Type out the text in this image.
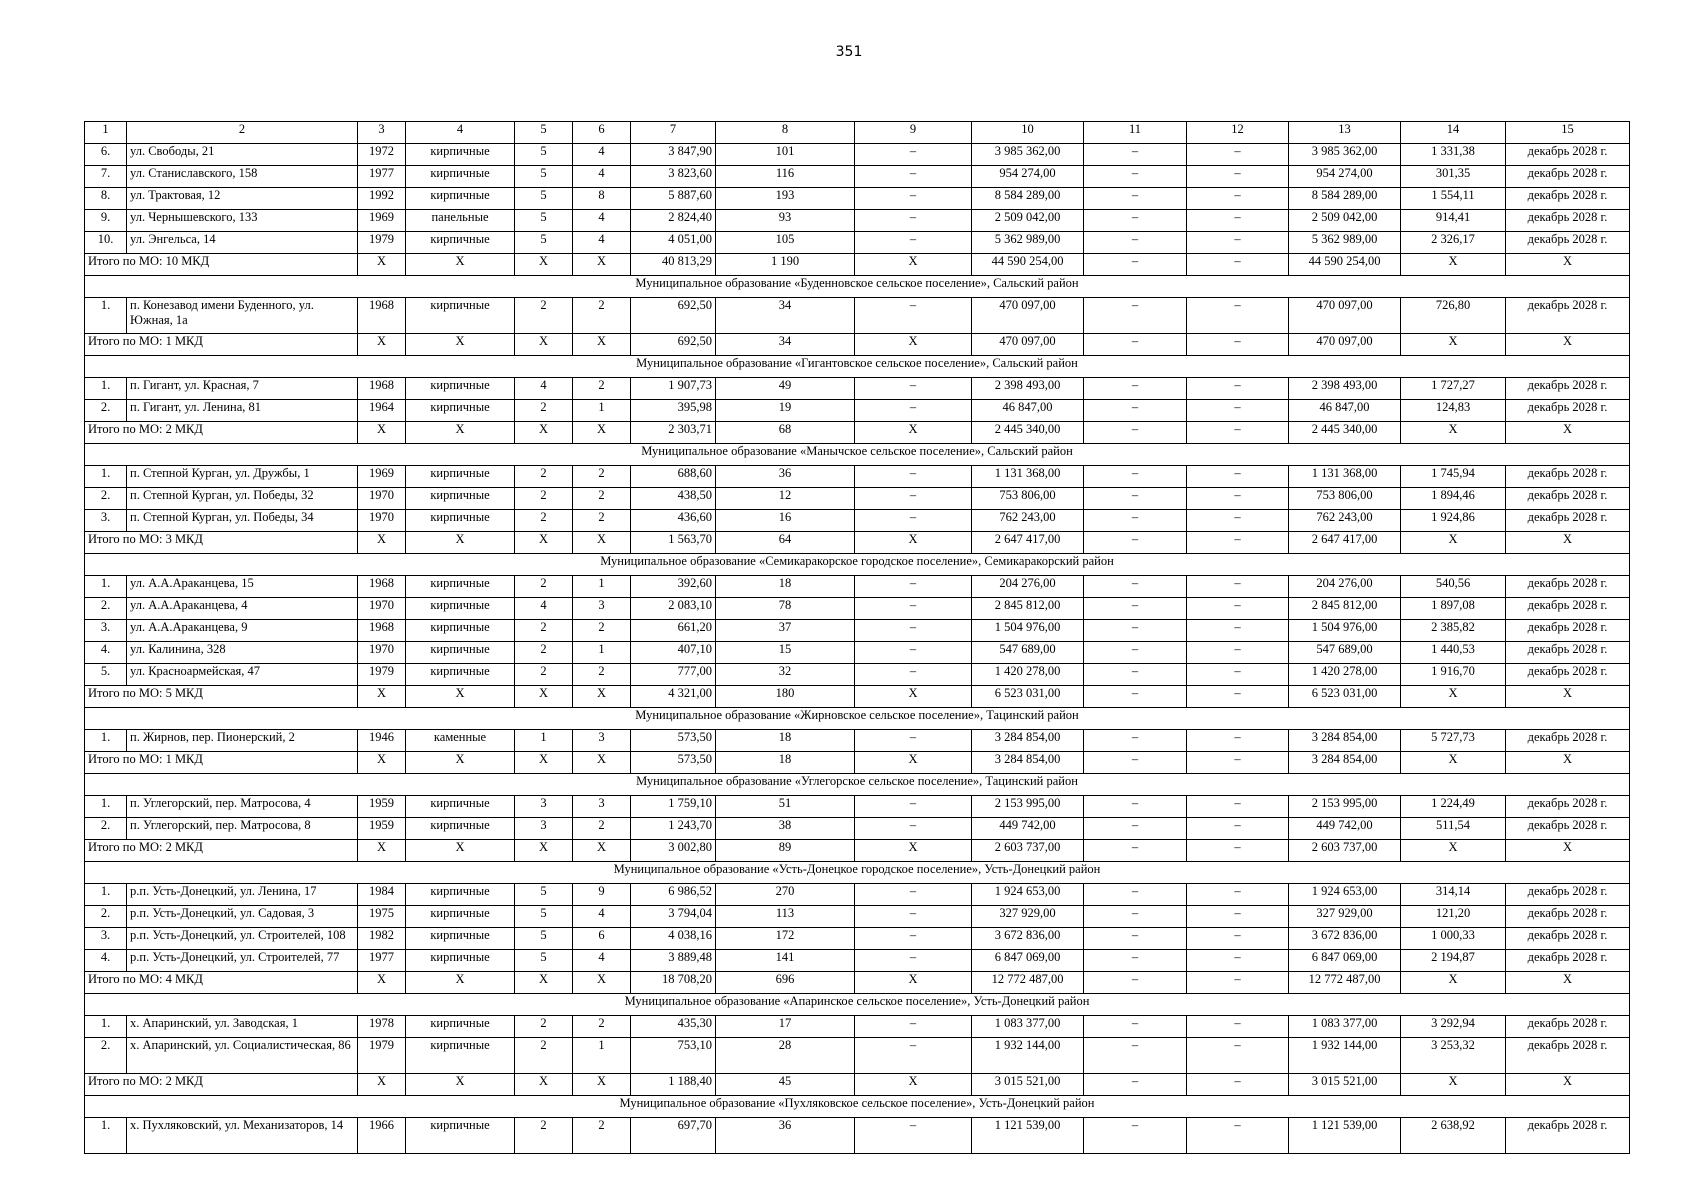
351
1	2	3	4	5	6	7	8	9	10	11	12	13	14	15
6.	ул. Свободы, 21	1972	кирпичные	5	4	3 847,90	101	–	3 985 362,00	–	–	3 985 362,00	1 331,38	декабрь 2028 г.
7.	ул. Станиславского, 158	1977	кирпичные	5	4	3 823,60	116	–	954 274,00	–	–	954 274,00	301,35	декабрь 2028 г.
8.	ул. Трактовая, 12	1992	кирпичные	5	8	5 887,60	193	–	8 584 289,00	–	–	8 584 289,00	1 554,11	декабрь 2028 г.
9.	ул. Чернышевского, 133	1969	панельные	5	4	2 824,40	93	–	2 509 042,00	–	–	2 509 042,00	914,41	декабрь 2028 г.
10.	ул. Энгельса, 14	1979	кирпичные	5	4	4 051,00	105	–	5 362 989,00	–	–	5 362 989,00	2 326,17	декабрь 2028 г.
Итого по МО: 10 МКД		Х	Х	Х	Х	40 813,29	1 190	Х	44 590 254,00	–	–	44 590 254,00	Х	Х
Муниципальное образование «Буденновское сельское поселение», Сальский район														
1.	п. Конезавод имени Буденного, ул. Южная, 1а	1968	кирпичные	2	2	692,50	34	–	470 097,00	–	–	470 097,00	726,80	декабрь 2028 г.
Итого по МО: 1 МКД		Х	Х	Х	Х	692,50	34	Х	470 097,00	–	–	470 097,00	Х	Х
Муниципальное образование «Гигантовское сельское поселение», Сальский район														
1.	п. Гигант, ул. Красная, 7	1968	кирпичные	4	2	1 907,73	49	–	2 398 493,00	–	–	2 398 493,00	1 727,27	декабрь 2028 г.
2.	п. Гигант, ул. Ленина, 81	1964	кирпичные	2	1	395,98	19	–	46 847,00	–	–	46 847,00	124,83	декабрь 2028 г.
Итого по МО: 2 МКД		Х	Х	Х	Х	2 303,71	68	Х	2 445 340,00	–	–	2 445 340,00	Х	Х
Муниципальное образование «Манычское сельское поселение», Сальский район														
1.	п. Степной Курган, ул. Дружбы, 1	1969	кирпичные	2	2	688,60	36	–	1 131 368,00	–	–	1 131 368,00	1 745,94	декабрь 2028 г.
2.	п. Степной Курган, ул. Победы, 32	1970	кирпичные	2	2	438,50	12	–	753 806,00	–	–	753 806,00	1 894,46	декабрь 2028 г.
3.	п. Степной Курган, ул. Победы, 34	1970	кирпичные	2	2	436,60	16	–	762 243,00	–	–	762 243,00	1 924,86	декабрь 2028 г.
Итого по МО: 3 МКД		Х	Х	Х	Х	1 563,70	64	Х	2 647 417,00	–	–	2 647 417,00	Х	Х
Муниципальное образование «Семикаракорское городское поселение», Семикаракорский район														
1.	ул. А.А.Араканцева, 15	1968	кирпичные	2	1	392,60	18	–	204 276,00	–	–	204 276,00	540,56	декабрь 2028 г.
2.	ул. А.А.Араканцева, 4	1970	кирпичные	4	3	2 083,10	78	–	2 845 812,00	–	–	2 845 812,00	1 897,08	декабрь 2028 г.
3.	ул. А.А.Араканцева, 9	1968	кирпичные	2	2	661,20	37	–	1 504 976,00	–	–	1 504 976,00	2 385,82	декабрь 2028 г.
4.	ул. Калинина, 328	1970	кирпичные	2	1	407,10	15	–	547 689,00	–	–	547 689,00	1 440,53	декабрь 2028 г.
5.	ул. Красноармейская, 47	1979	кирпичные	2	2	777,00	32	–	1 420 278,00	–	–	1 420 278,00	1 916,70	декабрь 2028 г.
Итого по МО: 5 МКД		Х	Х	Х	Х	4 321,00	180	Х	6 523 031,00	–	–	6 523 031,00	Х	Х
Муниципальное образование «Жирновское сельское поселение», Тацинский район														
1.	п. Жирнов, пер. Пионерский, 2	1946	каменные	1	3	573,50	18	–	3 284 854,00	–	–	3 284 854,00	5 727,73	декабрь 2028 г.
Итого по МО: 1 МКД		Х	Х	Х	Х	573,50	18	Х	3 284 854,00	–	–	3 284 854,00	Х	Х
Муниципальное образование «Углегорское сельское поселение», Тацинский район														
1.	п. Углегорский, пер. Матросова, 4	1959	кирпичные	3	3	1 759,10	51	–	2 153 995,00	–	–	2 153 995,00	1 224,49	декабрь 2028 г.
2.	п. Углегорский, пер. Матросова, 8	1959	кирпичные	3	2	1 243,70	38	–	449 742,00	–	–	449 742,00	511,54	декабрь 2028 г.
Итого по МО: 2 МКД		Х	Х	Х	Х	3 002,80	89	Х	2 603 737,00	–	–	2 603 737,00	Х	Х
Муниципальное образование «Усть-Донецкое городское поселение», Усть-Донецкий район														
1.	р.п. Усть-Донецкий, ул. Ленина, 17	1984	кирпичные	5	9	6 986,52	270	–	1 924 653,00	–	–	1 924 653,00	314,14	декабрь 2028 г.
2.	р.п. Усть-Донецкий, ул. Садовая, 3	1975	кирпичные	5	4	3 794,04	113	–	327 929,00	–	–	327 929,00	121,20	декабрь 2028 г.
3.	р.п. Усть-Донецкий, ул. Строителей, 108	1982	кирпичные	5	6	4 038,16	172	–	3 672 836,00	–	–	3 672 836,00	1 000,33	декабрь 2028 г.
4.	р.п. Усть-Донецкий, ул. Строителей, 77	1977	кирпичные	5	4	3 889,48	141	–	6 847 069,00	–	–	6 847 069,00	2 194,87	декабрь 2028 г.
Итого по МО: 4 МКД		Х	Х	Х	Х	18 708,20	696	Х	12 772 487,00	–	–	12 772 487,00	Х	Х
Муниципальное образование «Апаринское сельское поселение», Усть-Донецкий район														
1.	х. Апаринский, ул. Заводская, 1	1978	кирпичные	2	2	435,30	17	–	1 083 377,00	–	–	1 083 377,00	3 292,94	декабрь 2028 г.
2.	х. Апаринский, ул. Социалистическая, 86	1979	кирпичные	2	1	753,10	28	–	1 932 144,00	–	–	1 932 144,00	3 253,32	декабрь 2028 г.
Итого по МО: 2 МКД		Х	Х	Х	Х	1 188,40	45	Х	3 015 521,00	–	–	3 015 521,00	Х	Х
Муниципальное образование «Пухляковское сельское поселение», Усть-Донецкий район														
1.	х. Пухляковский, ул. Механизаторов, 14	1966	кирпичные	2	2	697,70	36	–	1 121 539,00	–	–	1 121 539,00	2 638,92	декабрь 2028 г.
